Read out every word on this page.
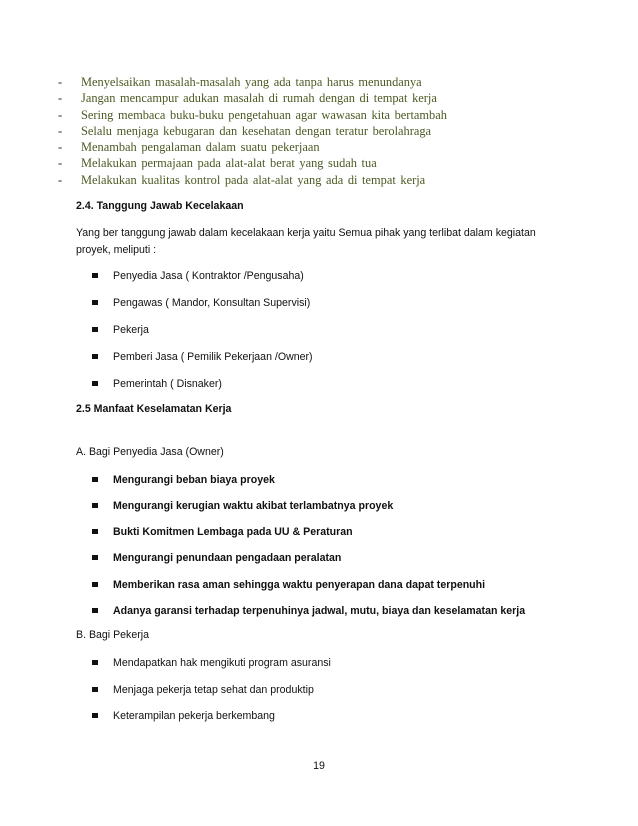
- Menyelsaikan masalah-masalah yang ada tanpa harus menundanya
- Jangan mencampur adukan masalah di rumah dengan di tempat kerja
- Sering membaca buku-buku pengetahuan agar wawasan kita bertambah
- Selalu menjaga kebugaran dan kesehatan dengan teratur berolahraga
- Menambah pengalaman dalam suatu pekerjaan
- Melakukan permajaan pada alat-alat berat yang sudah tua
- Melakukan kualitas kontrol pada alat-alat yang ada di tempat kerja
2.4. Tanggung Jawab Kecelakaan
Yang ber tanggung jawab dalam kecelakaan kerja yaitu Semua pihak yang terlibat dalam kegiatan
proyek, meliputi :
Penyedia Jasa ( Kontraktor /Pengusaha)
Pengawas ( Mandor, Konsultan Supervisi)
Pekerja
Pemberi Jasa ( Pemilik Pekerjaan /Owner)
Pemerintah ( Disnaker)
2.5 Manfaat Keselamatan Kerja
A. Bagi Penyedia Jasa (Owner)
Mengurangi beban biaya proyek
Mengurangi kerugian waktu akibat terlambatnya proyek
Bukti Komitmen Lembaga pada UU & Peraturan
Mengurangi penundaan pengadaan peralatan
Memberikan rasa aman sehingga waktu penyerapan dana dapat terpenuhi
Adanya garansi terhadap terpenuhinya jadwal, mutu, biaya dan keselamatan kerja
B. Bagi Pekerja
Mendapatkan hak mengikuti program asuransi
Menjaga pekerja tetap sehat dan produktip
Keterampilan pekerja berkembang
19
